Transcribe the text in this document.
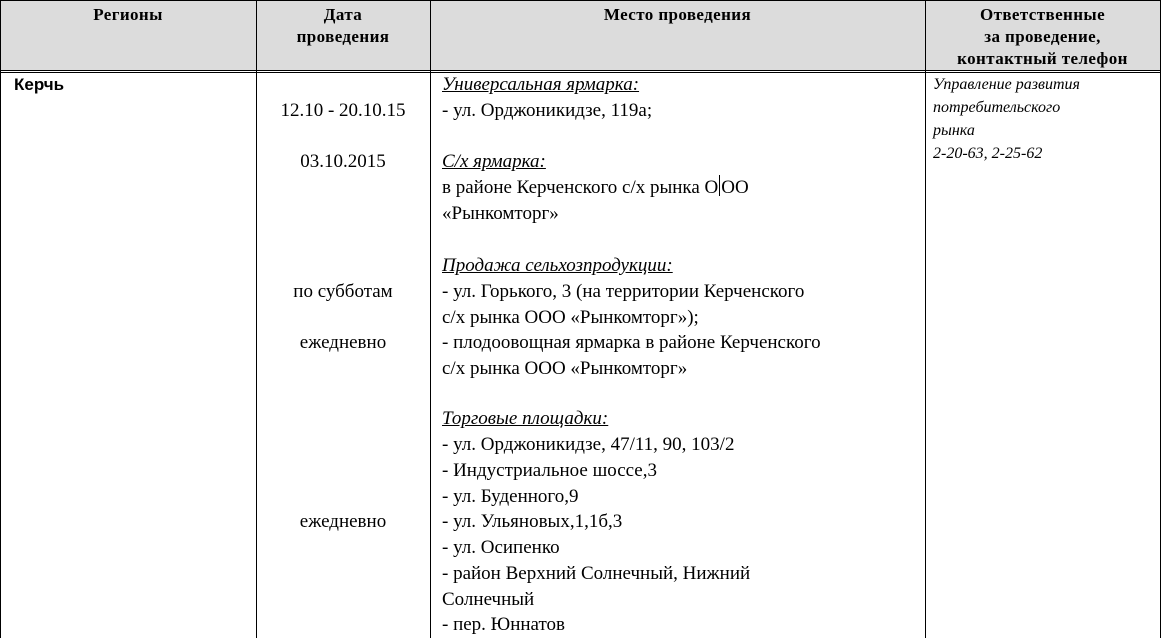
Регионы	Дата
проведения
Место проведения	Ответственные
за проведение,
контактный телефон
Керчь
12.10 - 20.10.15
03.10.2015
по субботам
ежедневно
ежедневно
Универсальная ярмарка:
- ул. Орджоникидзе, 119а;
С/х ярмарка:
в районе Керченского с/х рынка О ОО
«Рынкомторг»
Продажа сельхозпродукции:
- ул. Горького, 3 (на территории Керченского
с/х рынка ООО «Рынкомторг»);
- плодоовощная ярмарка в районе Керченского
с/х рынка ООО «Рынкомторг»
Торговые площадки:
- ул. Орджоникидзе, 47/11, 90, 103/2
- Индустриальное шоссе,3
- ул. Буденного,9
- ул. Ульяновых,1,1б,3
- ул. Осипенко
- район Верхний Солнечный, Нижний
Солнечный
- пер. Юннатов
Управление развития
потребительского
рынка
2-20-63, 2-25-62
